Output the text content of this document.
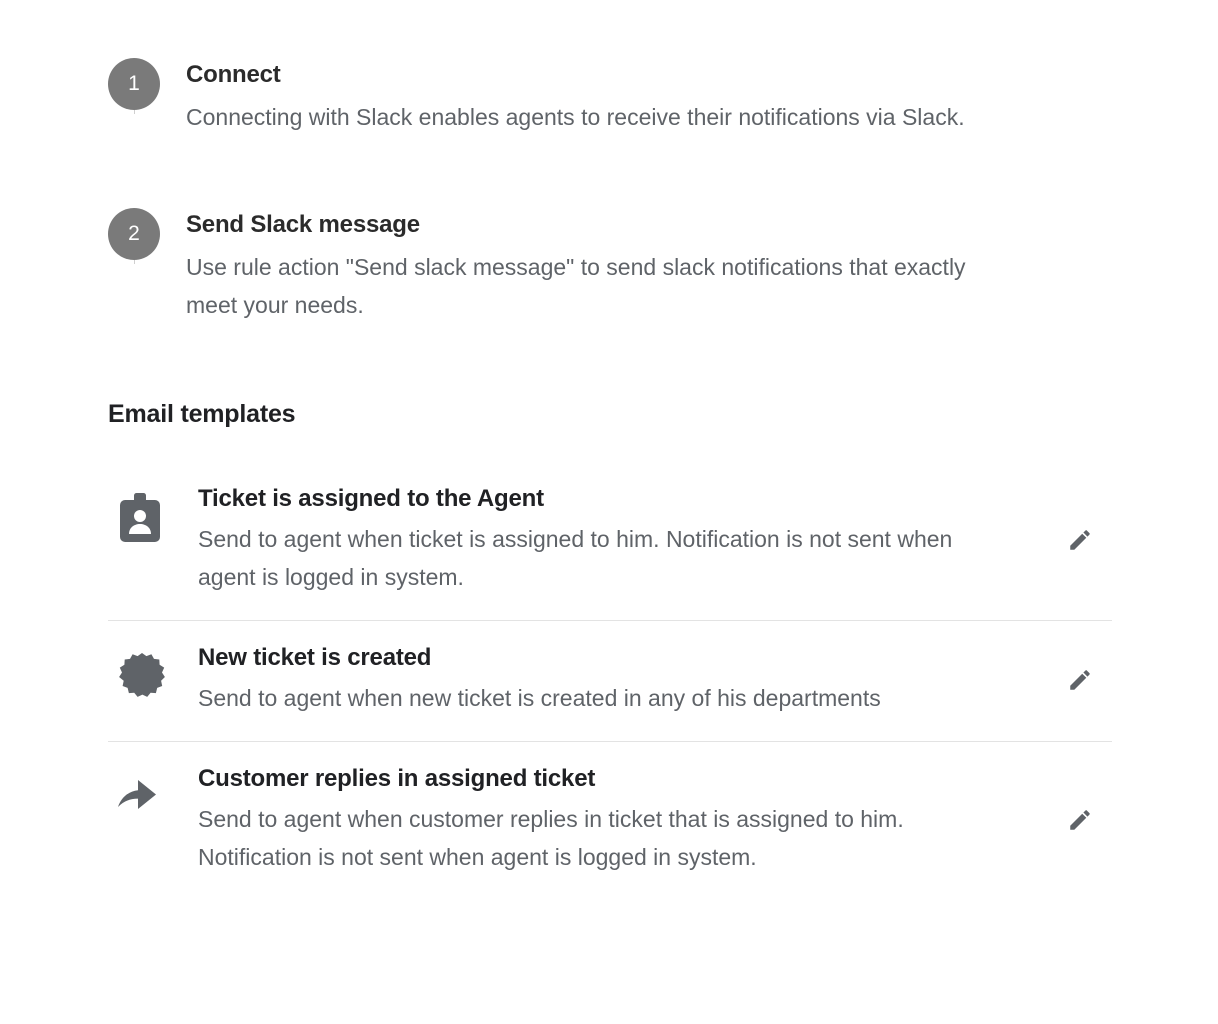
1	Connect

Connecting with Slack enables agents to receive their notifications via Slack.

2	Send Slack message

Use rule action "Send slack message" to send slack notifications that exactly meet your needs.

Email templates
Ticket is assigned to the Agent

Send to agent when ticket is assigned to him. Notification is not sent when agent is logged in system.

New ticket is created

Send to agent when new ticket is created in any of his departments

Customer replies in assigned ticket

Send to agent when customer replies in ticket that is assigned to him. Notification is not sent when agent is logged in system.
